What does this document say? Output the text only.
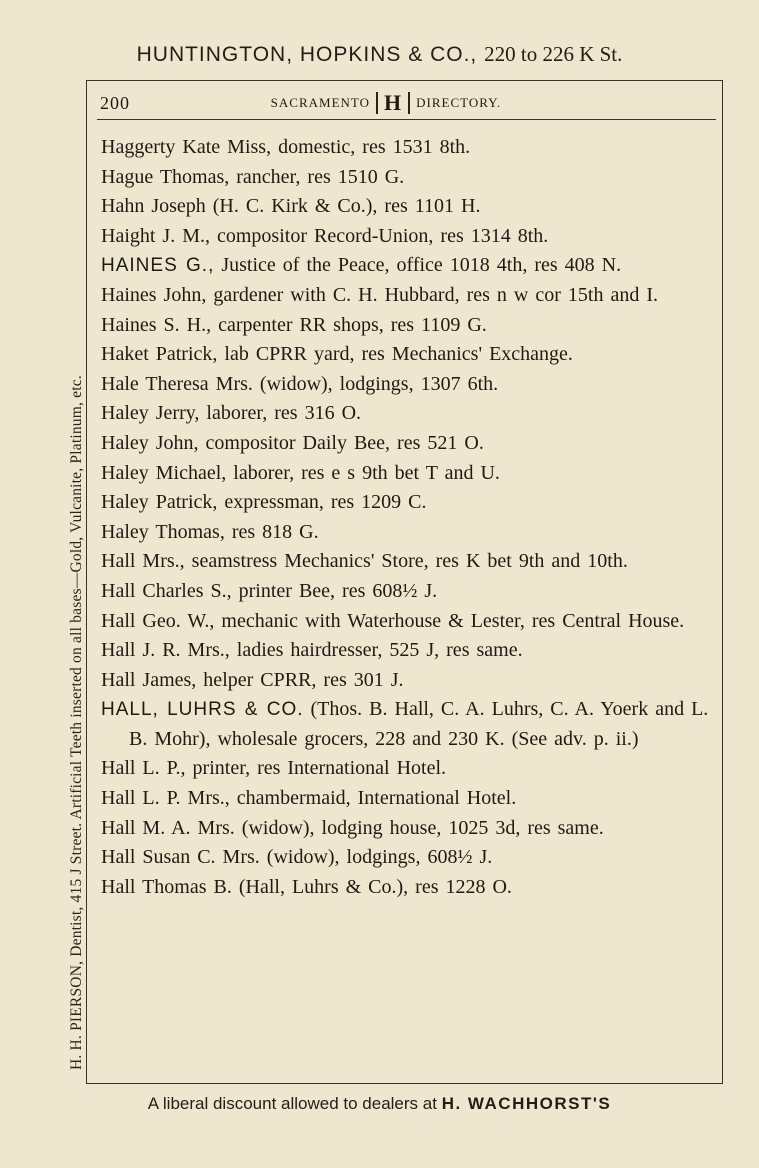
HUNTINGTON, HOPKINS & CO., 220 to 226 K St.
H. H. PIERSON, Dentist, 415 J Street. Artificial Teeth inserted on all bases—Gold, Vulcanite, Platinum, etc.
200	SACRAMENTO H	DIRECTORY.
Haggerty Kate Miss, domestic, res 1531 8th.
Hague Thomas, rancher, res 1510 G.
Hahn Joseph (H. C. Kirk & Co.), res 1101 H.
Haight J. M., compositor Record-Union, res 1314 8th.
HAINES G., Justice of the Peace, office 1018 4th, res 408 N.
Haines John, gardener with C. H. Hubbard, res n w cor 15th and I.
Haines S. H., carpenter RR shops, res 1109 G.
Haket Patrick, lab CPRR yard, res Mechanics' Exchange.
Hale Theresa Mrs. (widow), lodgings, 1307 6th.
Haley Jerry, laborer, res 316 O.
Haley John, compositor Daily Bee, res 521 O.
Haley Michael, laborer, res e s 9th bet T and U.
Haley Patrick, expressman, res 1209 C.
Haley Thomas, res 818 G.
Hall Mrs., seamstress Mechanics' Store, res K bet 9th and 10th.
Hall Charles S., printer Bee, res 608½ J.
Hall Geo. W., mechanic with Waterhouse & Lester, res Central House.
Hall J. R. Mrs., ladies hairdresser, 525 J, res same.
Hall James, helper CPRR, res 301 J.
HALL, LUHRS & CO. (Thos. B. Hall, C. A. Luhrs, C. A. Yoerk and L. B. Mohr), wholesale grocers, 228 and 230 K. (See adv. p. ii.)
Hall L. P., printer, res International Hotel.
Hall L. P. Mrs., chambermaid, International Hotel.
Hall M. A. Mrs. (widow), lodging house, 1025 3d, res same.
Hall Susan C. Mrs. (widow), lodgings, 608½ J.
Hall Thomas B. (Hall, Luhrs & Co.), res 1228 O.
A liberal discount allowed to dealers at H. WACHHORST'S
